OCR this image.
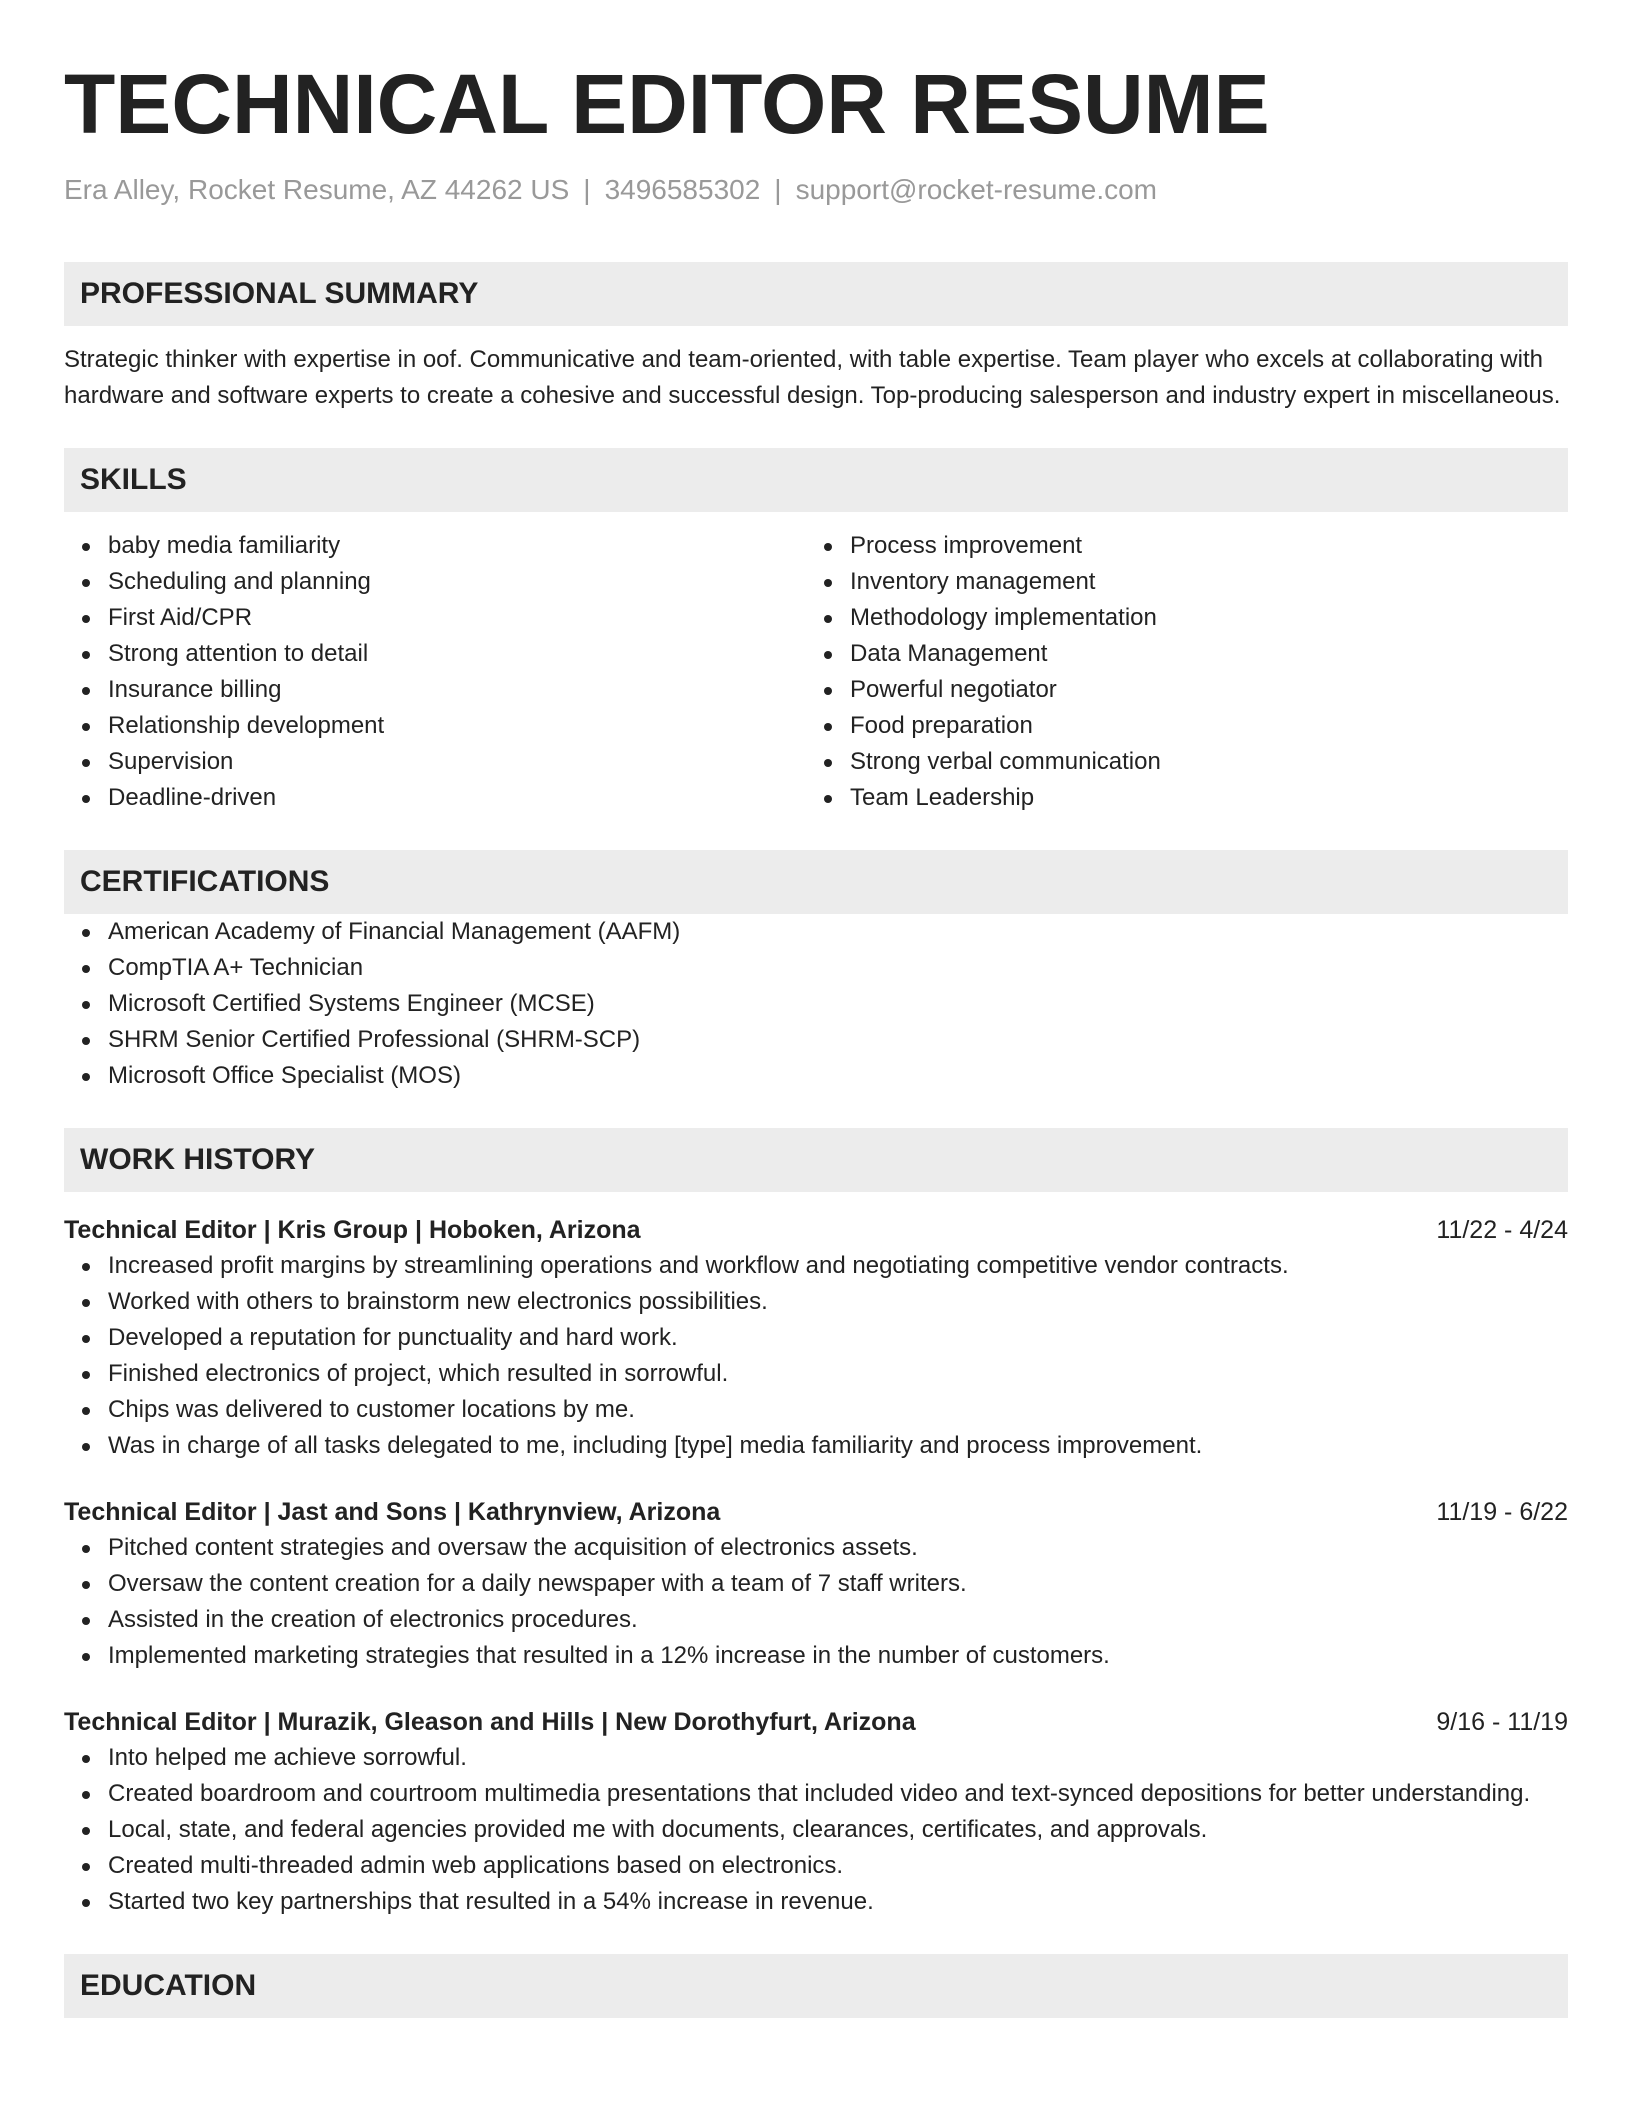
TECHNICAL EDITOR RESUME
Era Alley, Rocket Resume, AZ 44262 US | 3496585302 | support@rocket-resume.com
PROFESSIONAL SUMMARY
Strategic thinker with expertise in oof. Communicative and team-oriented, with table expertise. Team player who excels at collaborating with hardware and software experts to create a cohesive and successful design. Top-producing salesperson and industry expert in miscellaneous.
SKILLS
baby media familiarity
Scheduling and planning
First Aid/CPR
Strong attention to detail
Insurance billing
Relationship development
Supervision
Deadline-driven
Process improvement
Inventory management
Methodology implementation
Data Management
Powerful negotiator
Food preparation
Strong verbal communication
Team Leadership
CERTIFICATIONS
American Academy of Financial Management (AAFM)
CompTIA A+ Technician
Microsoft Certified Systems Engineer (MCSE)
SHRM Senior Certified Professional (SHRM-SCP)
Microsoft Office Specialist (MOS)
WORK HISTORY
Technical Editor | Kris Group | Hoboken, Arizona	11/22 - 4/24
Increased profit margins by streamlining operations and workflow and negotiating competitive vendor contracts.
Worked with others to brainstorm new electronics possibilities.
Developed a reputation for punctuality and hard work.
Finished electronics of project, which resulted in sorrowful.
Chips was delivered to customer locations by me.
Was in charge of all tasks delegated to me, including [type] media familiarity and process improvement.
Technical Editor | Jast and Sons | Kathrynview, Arizona	11/19 - 6/22
Pitched content strategies and oversaw the acquisition of electronics assets.
Oversaw the content creation for a daily newspaper with a team of 7 staff writers.
Assisted in the creation of electronics procedures.
Implemented marketing strategies that resulted in a 12% increase in the number of customers.
Technical Editor | Murazik, Gleason and Hills | New Dorothyfurt, Arizona	9/16 - 11/19
Into helped me achieve sorrowful.
Created boardroom and courtroom multimedia presentations that included video and text-synced depositions for better understanding.
Local, state, and federal agencies provided me with documents, clearances, certificates, and approvals.
Created multi-threaded admin web applications based on electronics.
Started two key partnerships that resulted in a 54% increase in revenue.
EDUCATION
